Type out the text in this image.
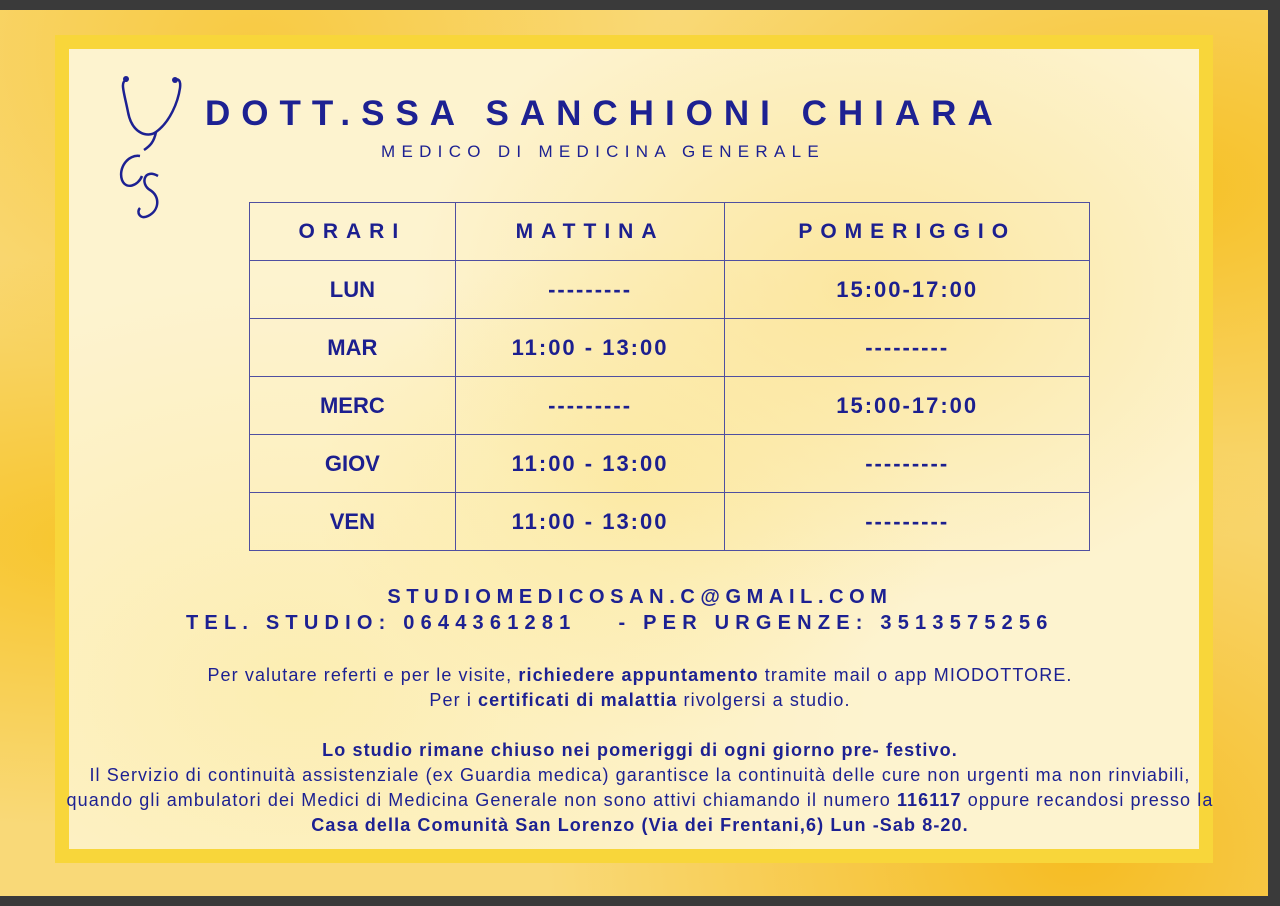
DOTT.SSA SANCHIONI CHIARA
MEDICO DI MEDICINA GENERALE
ORARI	MATTINA	POMERIGGIO
LUN	---------	15:00-17:00
MAR	11:00 - 13:00	---------
MERC	---------	15:00-17:00
GIOV	11:00 - 13:00	---------
VEN	11:00 - 13:00	---------
STUDIOMEDICOSAN.C@GMAIL.COM
TEL. STUDIO: 0644361281 - PER URGENZE: 3513575256
Per valutare referti e per le visite, richiedere appuntamento tramite mail o app MIODOTTORE.
Per i certificati di malattia rivolgersi a studio.
Lo studio rimane chiuso nei pomeriggi di ogni giorno pre- festivo.
Il Servizio di continuità assistenziale (ex Guardia medica) garantisce la continuità delle cure non urgenti ma non rinviabili, quando gli ambulatori dei Medici di Medicina Generale non sono attivi chiamando il numero 116117 oppure recandosi presso la Casa della Comunità San Lorenzo (Via dei Frentani,6) Lun -Sab 8-20.
